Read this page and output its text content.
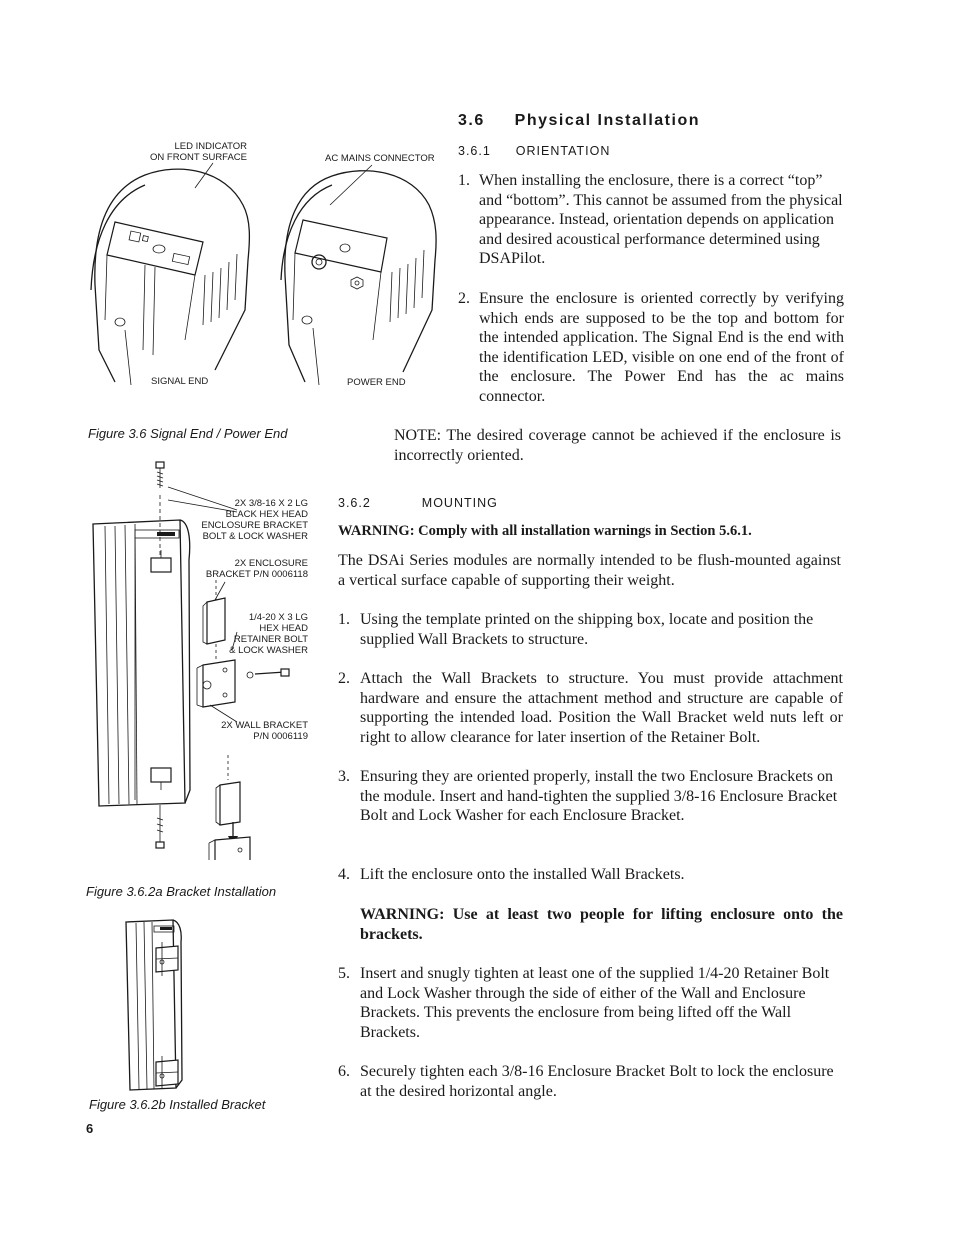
LED INDICATOR
ON FRONT SURFACE	AC MAINS CONNECTOR
SIGNAL END	POWER END
Figure 3.6 Signal End / Power End
2X 3/8-16 X 2 LG
BLACK HEX HEAD
ENCLOSURE BRACKET
BOLT & LOCK WASHER
2X ENCLOSURE
BRACKET P/N 0006118
1/4-20 X 3 LG
HEX HEAD
RETAINER BOLT
& LOCK WASHER
2X WALL BRACKET
P/N 0006119
Figure 3.6.2a Bracket Installation
Figure 3.6.2b Installed Bracket
3.6 Physical Installation
3.6.1 ORIENTATION
1. When installing the enclosure, there is a correct “top” and “bottom”. This cannot be assumed from the physical appearance. Instead, orientation depends on application and desired acoustical performance determined using DSAPilot.
2. Ensure the enclosure is oriented correctly by verifying which ends are supposed to be the top and bottom for the intended application. The Signal End is the end with the identification LED, visible on one end of the front of the enclosure. The Power End has the ac mains connector.
NOTE: The desired coverage cannot be achieved if the enclosure is incorrectly oriented.
3.6.2	MOUNTING
WARNING: Comply with all installation warnings in Section 5.6.1.
The DSAi Series modules are normally intended to be flush-mounted against a vertical surface capable of supporting their weight.
1. Using the template printed on the shipping box, locate and position the supplied Wall Brackets to structure.
2. Attach the Wall Brackets to structure. You must provide attachment hardware and ensure the attachment method and structure are capable of supporting the intended load. Position the Wall Bracket weld nuts left or right to allow clearance for later insertion of the Retainer Bolt.
3. Ensuring they are oriented properly, install the two Enclosure Brackets on the module. Insert and hand-tighten the supplied 3/8-16 Enclosure Bracket Bolt and Lock Washer for each Enclosure Bracket.
4. Lift the enclosure onto the installed Wall Brackets.
WARNING: Use at least two people for lifting enclosure onto the brackets.
5. Insert and snugly tighten at least one of the supplied 1/4-20 Retainer Bolt and Lock Washer through the side of either of the Wall and Enclosure Brackets. This prevents the enclosure from being lifted off the Wall Brackets.
6. Securely tighten each 3/8-16 Enclosure Bracket Bolt to lock the enclosure at the desired horizontal angle.
6
